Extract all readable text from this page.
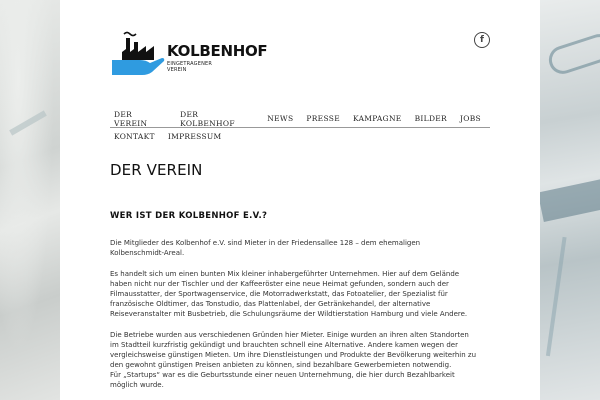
KOLBENHOF
EINGETRAGENER
VEREIN
f
DER VEREIN
DER KOLBENHOF	NEWS PRESSE KAMPAGNE BILDER JOBS
KONTAKT IMPRESSUM
DER VEREIN
WER IST DER KOLBENHOF E.V.?

Die Mitglieder des Kolbenhof e.V. sind Mieter in der Friedensallee 128 – dem ehemaligen
Kolbenschmidt-Areal.

Es handelt sich um einen bunten Mix kleiner inhabergeführter Unternehmen. Hier auf dem Gelände
haben nicht nur der Tischler und der Kaffeeröster eine neue Heimat gefunden, sondern auch der
Filmausstatter, der Sportwagenservice, die Motorradwerkstatt, das Fotoatelier, der Spezialist für
französische Oldtimer, das Tonstudio, das Plattenlabel, der Getränkehandel, der alternative
Reiseveranstalter mit Busbetrieb, die Schulungsräume der Wildtierstation Hamburg und viele Andere.

Die Betriebe wurden aus verschiedenen Gründen hier Mieter. Einige wurden an ihren alten Standorten
im Stadtteil kurzfristig gekündigt und brauchten schnell eine Alternative. Andere kamen wegen der
vergleichsweise günstigen Mieten. Um ihre Dienstleistungen und Produkte der Bevölkerung weiterhin zu
den gewohnt günstigen Preisen anbieten zu können, sind bezahlbare Gewerbemieten notwendig.
Für „Startups“ war es die Geburtsstunde einer neuen Unternehmung, die hier durch Bezahlbarkeit
möglich wurde.
